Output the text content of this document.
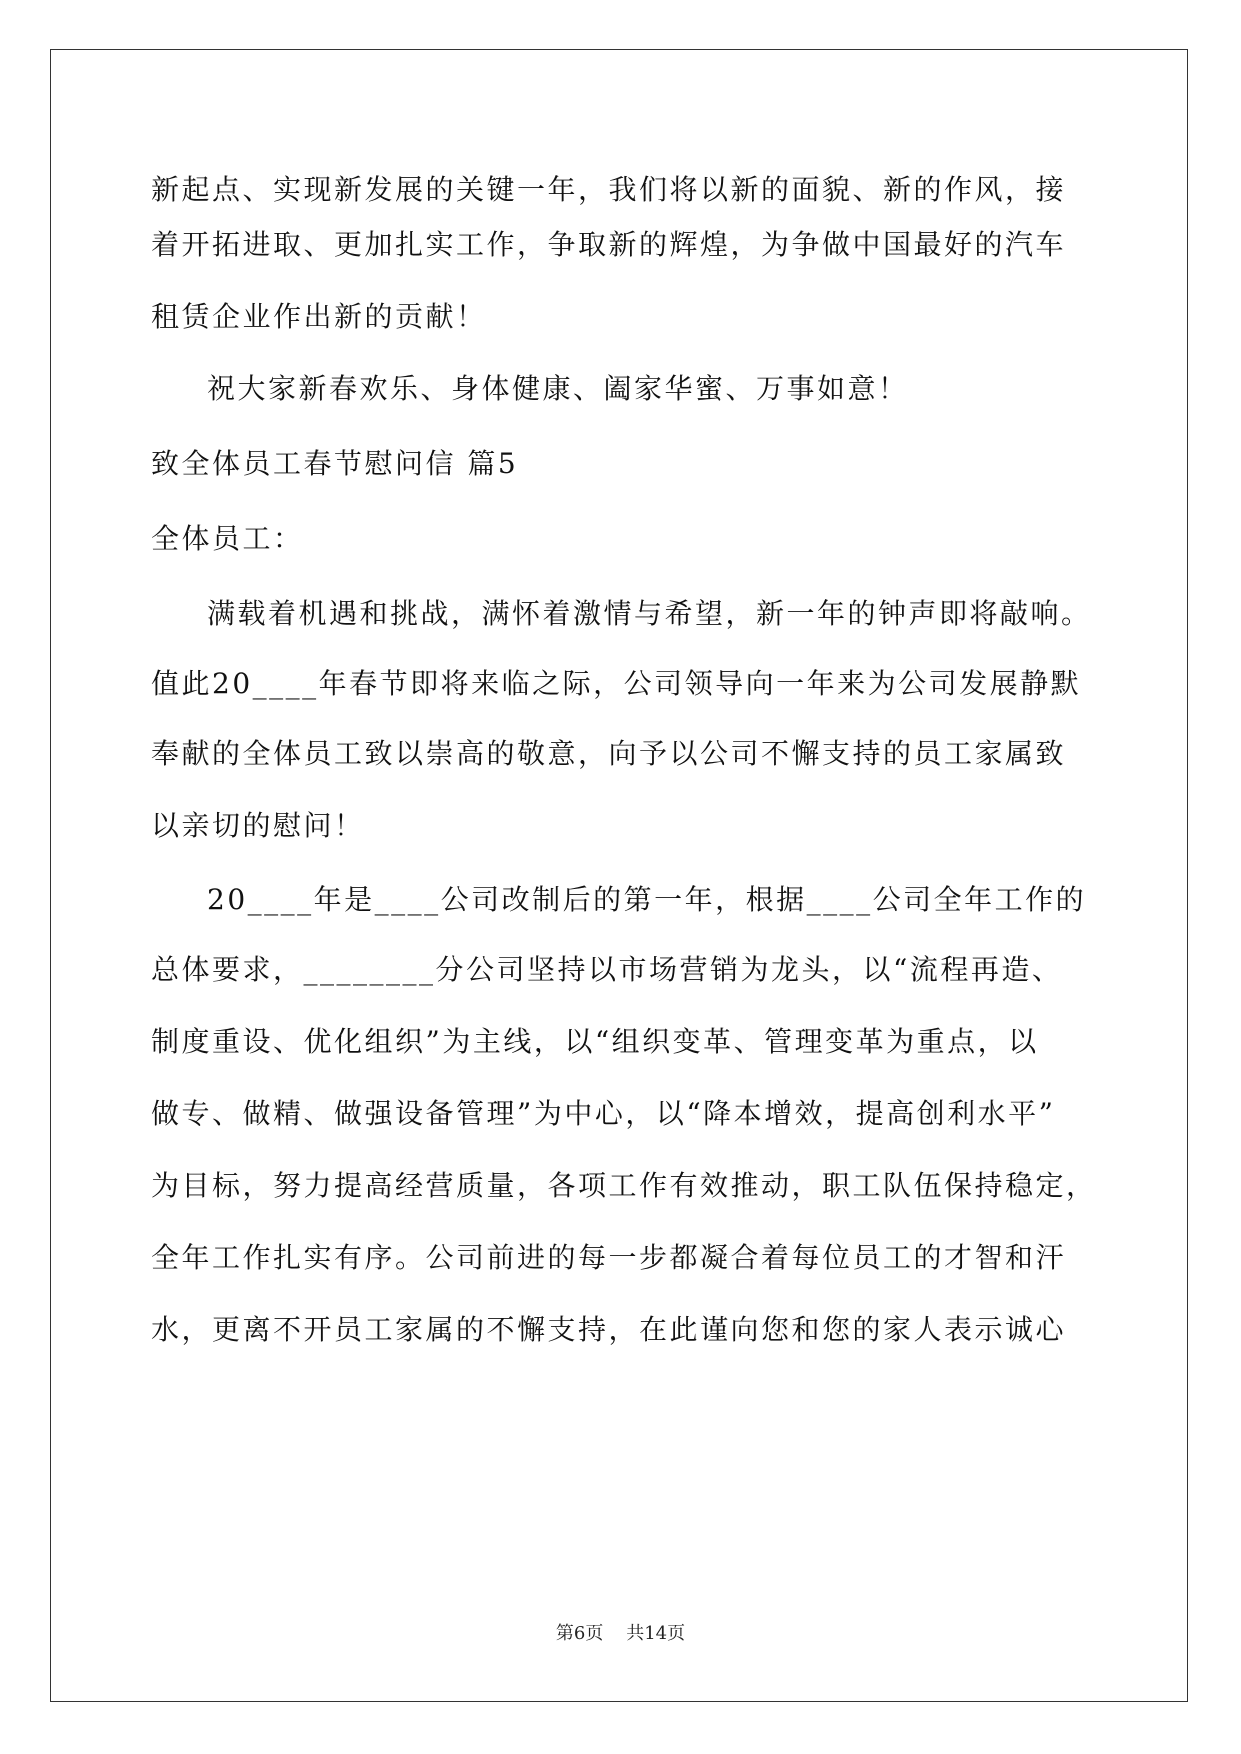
新起点、实现新发展的关键一年，我们将以新的面貌、新的作风，接
着开拓进取、更加扎实工作，争取新的辉煌，为争做中国最好的汽车
租赁企业作出新的贡献！
祝大家新春欢乐、身体健康、阖家华蜜、万事如意！
致全体员工春节慰问信 篇5
全体员工：
满载着机遇和挑战，满怀着激情与希望，新一年的钟声即将敲响。
值此20____年春节即将来临之际，公司领导向一年来为公司发展静默
奉献的全体员工致以崇高的敬意，向予以公司不懈支持的员工家属致
以亲切的慰问！
20____年是____公司改制后的第一年，根据____公司全年工作的
总体要求，________分公司坚持以市场营销为龙头，以“流程再造、
制度重设、优化组织”为主线，以“组织变革、管理变革为重点，以
做专、做精、做强设备管理”为中心，以“降本增效，提高创利水平”
为目标，努力提高经营质量，各项工作有效推动，职工队伍保持稳定，
全年工作扎实有序。公司前进的每一步都凝合着每位员工的才智和汗
水，更离不开员工家属的不懈支持，在此谨向您和您的家人表示诚心
第6页    共14页
